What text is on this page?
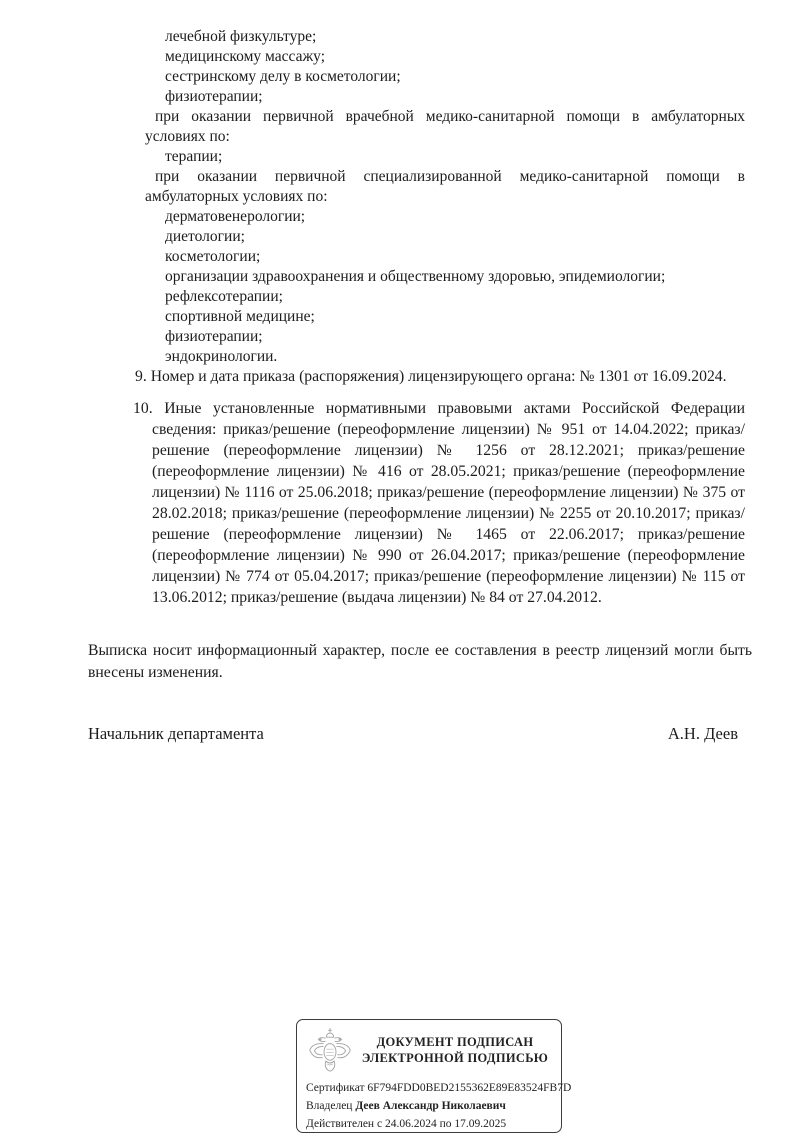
лечебной физкультуре;
медицинскому массажу;
сестринскому делу в косметологии;
физиотерапии;

при оказании первичной врачебной медико-санитарной помощи в амбулаторных условиях по:

терапии;

при оказании первичной специализированной медико-санитарной помощи в амбулаторных условиях по:

дерматовенерологии;
диетологии;
косметологии;
организации здравоохранения и общественному здоровью, эпидемиологии;
рефлексотерапии;
спортивной медицине;
физиотерапии;
эндокринологии.
9. Номер и дата приказа (распоряжения) лицензирующего органа: № 1301 от 16.09.2024.
10. Иные установленные нормативными правовыми актами Российской Федерации сведения: приказ/решение (переоформление лицензии) № 951 от 14.04.2022; приказ/решение (переоформление лицензии) № 1256 от 28.12.2021; приказ/решение (переоформление лицензии) № 416 от 28.05.2021; приказ/решение (переоформление лицензии) № 1116 от 25.06.2018; приказ/решение (переоформление лицензии) № 375 от 28.02.2018; приказ/решение (переоформление лицензии) № 2255 от 20.10.2017; приказ/решение (переоформление лицензии) № 1465 от 22.06.2017; приказ/решение (переоформление лицензии) № 990 от 26.04.2017; приказ/решение (переоформление лицензии) № 774 от 05.04.2017; приказ/решение (переоформление лицензии) № 115 от 13.06.2012; приказ/решение (выдача лицензии) № 84 от 27.04.2012.
Выписка носит информационный характер, после ее составления в реестр лицензий могли быть внесены изменения.
Начальник департамента	А.Н. Деев
ДОКУМЕНТ ПОДПИСАН
ЭЛЕКТРОННОЙ ПОДПИСЬЮ
Сертификат 6F794FDD0BED2155362E89E83524FB7D
Владелец Деев Александр Николаевич
Действителен с 24.06.2024 по 17.09.2025
